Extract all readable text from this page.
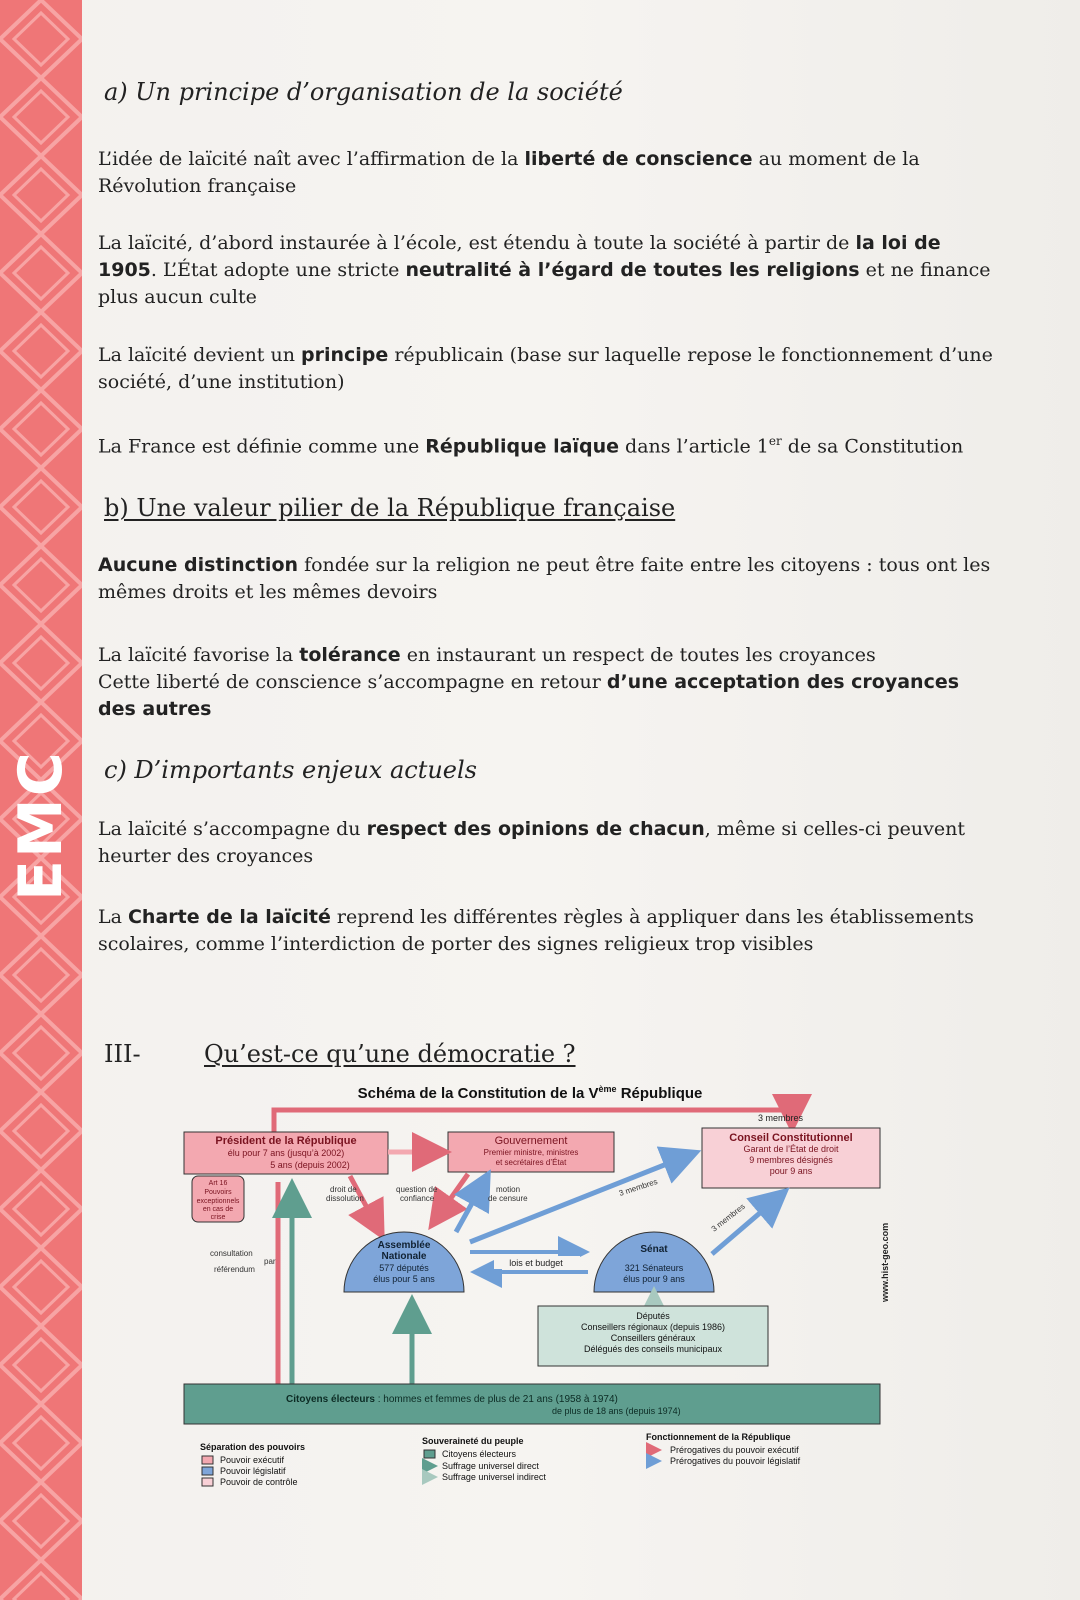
EMC

a) Un principe d’organisation de la société

L’idée de laïcité naît avec l’affirmation de la liberté de conscience au moment de la Révolution française

La laïcité, d’abord instaurée à l’école, est étendu à toute la société à partir de la loi de 1905. L’État adopte une stricte neutralité à l’égard de toutes les religions et ne finance plus aucun culte

La laïcité devient un principe républicain (base sur laquelle repose le fonctionnement d’une société, d’une institution)

La France est définie comme une République laïque dans l’article 1er de sa Constitution

b) Une valeur pilier de la République française

Aucune distinction fondée sur la religion ne peut être faite entre les citoyens : tous ont les mêmes droits et les mêmes devoirs

La laïcité favorise la tolérance en instaurant un respect de toutes les croyances
Cette liberté de conscience s’accompagne en retour d’une acceptation des croyances des autres

c) D’importants enjeux actuels

La laïcité s’accompagne du respect des opinions de chacun, même si celles-ci peuvent heurter des croyances

La Charte de la laïcité reprend les différentes règles à appliquer dans les établissements scolaires, comme l’interdiction de porter des signes religieux trop visibles

III-	Qu’est-ce qu’une démocratie ?

Schéma de la Constitution de la Vème République
3 membres
Président de la République
élu pour 7 ans (jusqu’à 2002)
5 ans (depuis 2002)
Art 16
Pouvoirs
exceptionnels
en cas de
crise
Gouvernement
Premier ministre, ministres
et secrétaires d’État
Conseil Constitutionnel
Garant de l’État de droit
9 membres désignés
pour 9 ans
droit de
dissolution
question de
confiance
motion
de censure
3 membres
3 membres
Assemblée
Nationale
577 députés
élus pour 5 ans
lois et budget
Sénat
321 Sénateurs
élus pour 9 ans
Députés
Conseillers régionaux (depuis 1986)
Conseillers généraux
Délégués des conseils municipaux
consultation
par
référendum
Citoyens électeurs : hommes et femmes de plus de 21 ans (1958 à 1974)
de plus de 18 ans (depuis 1974)
www.hist-geo.com
Séparation des pouvoirs
Pouvoir exécutif
Pouvoir législatif
Pouvoir de contrôle
Souveraineté du peuple
Citoyens électeurs
Suffrage universel direct
Suffrage universel indirect
Fonctionnement de la République
Prérogatives du pouvoir exécutif
Prérogatives du pouvoir législatif
